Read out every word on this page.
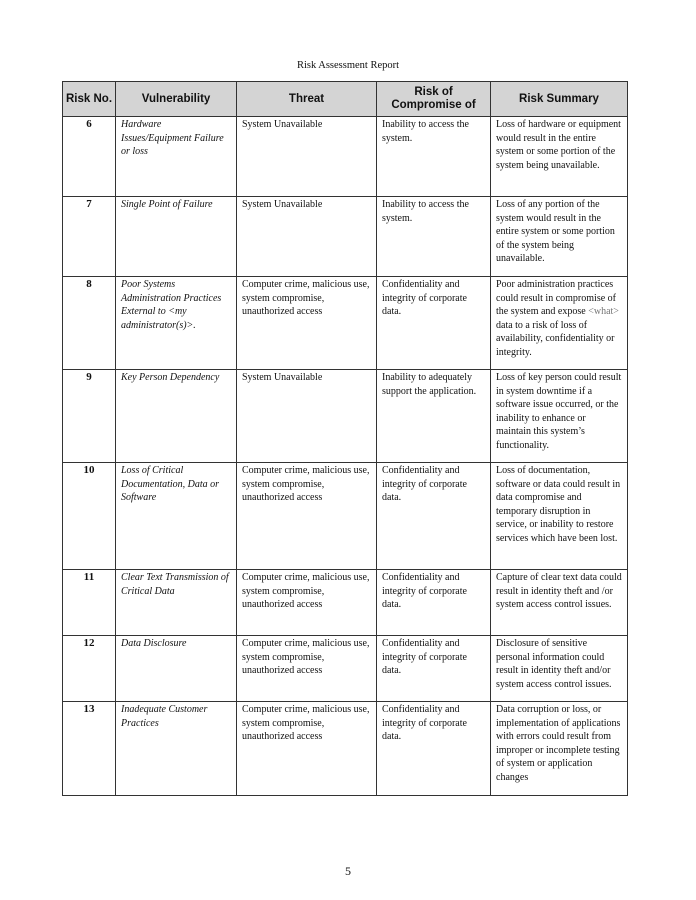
Risk Assessment Report
Risk No.	Vulnerability	Threat	Risk of Compromise of	Risk Summary
6	Hardware Issues/Equipment Failure or loss	System Unavailable	Inability to access the system.	Loss of hardware or equipment would result in the entire system or some portion of the system being unavailable.
7	Single Point of Failure	System Unavailable	Inability to access the system.	Loss of any portion of the system would result in the entire system or some portion of the system being unavailable.
8	Poor Systems Administration Practices External to <my administrator(s)>.	Computer crime, malicious use, system compromise, unauthorized access	Confidentiality and integrity of corporate data.	Poor administration practices could result in compromise of the system and expose <what> data to a risk of loss of availability, confidentiality or integrity.
9	Key Person Dependency	System Unavailable	Inability to adequately support the application.	Loss of key person could result in system downtime if a software issue occurred, or the inability to enhance or maintain this system’s functionality.
10	Loss of Critical Documentation, Data or Software	Computer crime, malicious use, system compromise, unauthorized access	Confidentiality and integrity of corporate data.	Loss of documentation, software or data could result in data compromise and temporary disruption in service, or inability to restore services which have been lost.
11	Clear Text Transmission of Critical Data	Computer crime, malicious use, system compromise, unauthorized access	Confidentiality and integrity of corporate data.	Capture of clear text data could result in identity theft and /or system access control issues.
12	Data Disclosure	Computer crime, malicious use, system compromise, unauthorized access	Confidentiality and integrity of corporate data.	Disclosure of sensitive personal information could result in identity theft and/or system access control issues.
13	Inadequate Customer Practices	Computer crime, malicious use, system compromise, unauthorized access	Confidentiality and integrity of corporate data.	Data corruption or loss, or implementation of applications with errors could result from improper or incomplete testing of system or application changes
5
